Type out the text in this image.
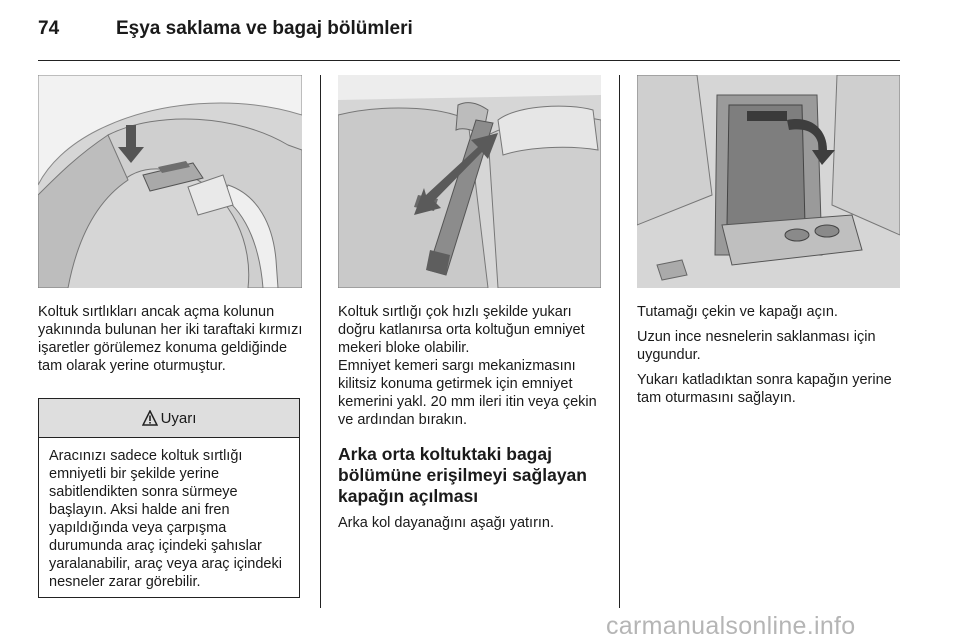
74	Eşya saklama ve bagaj bölümleri

Koltuk sırtlıkları ancak açma kolunun yakınında bulunan her iki taraftaki kırmızı işaretler görülemez konuma geldiğinde tam olarak yerine oturmuştur.

Uyarı
Aracınızı sadece koltuk sırtlığı emniyetli bir şekilde yerine sabitlendikten sonra sürmeye başlayın. Aksi halde ani fren yapıldığında veya çarpışma durumunda araç içindeki şahıslar yaralanabilir, araç veya araç içindeki nesneler zarar görebilir.

Koltuk sırtlığı çok hızlı şekilde yukarı doğru katlanırsa orta koltuğun emniyet mekeri bloke olabilir.

Emniyet kemeri sargı mekanizmasını kilitsiz konuma getirmek için emniyet kemerini yakl. 20 mm ileri itin veya çekin ve ardından bırakın.

Arka orta koltuktaki bagaj bölümüne erişilmeyi sağlayan kapağın açılması

Arka kol dayanağını aşağı yatırın.

Tutamağı çekin ve kapağı açın.

Uzun ince nesnelerin saklanması için uygundur.

Yukarı katladıktan sonra kapağın yerine tam oturmasını sağlayın.

carmanualsonline.info
